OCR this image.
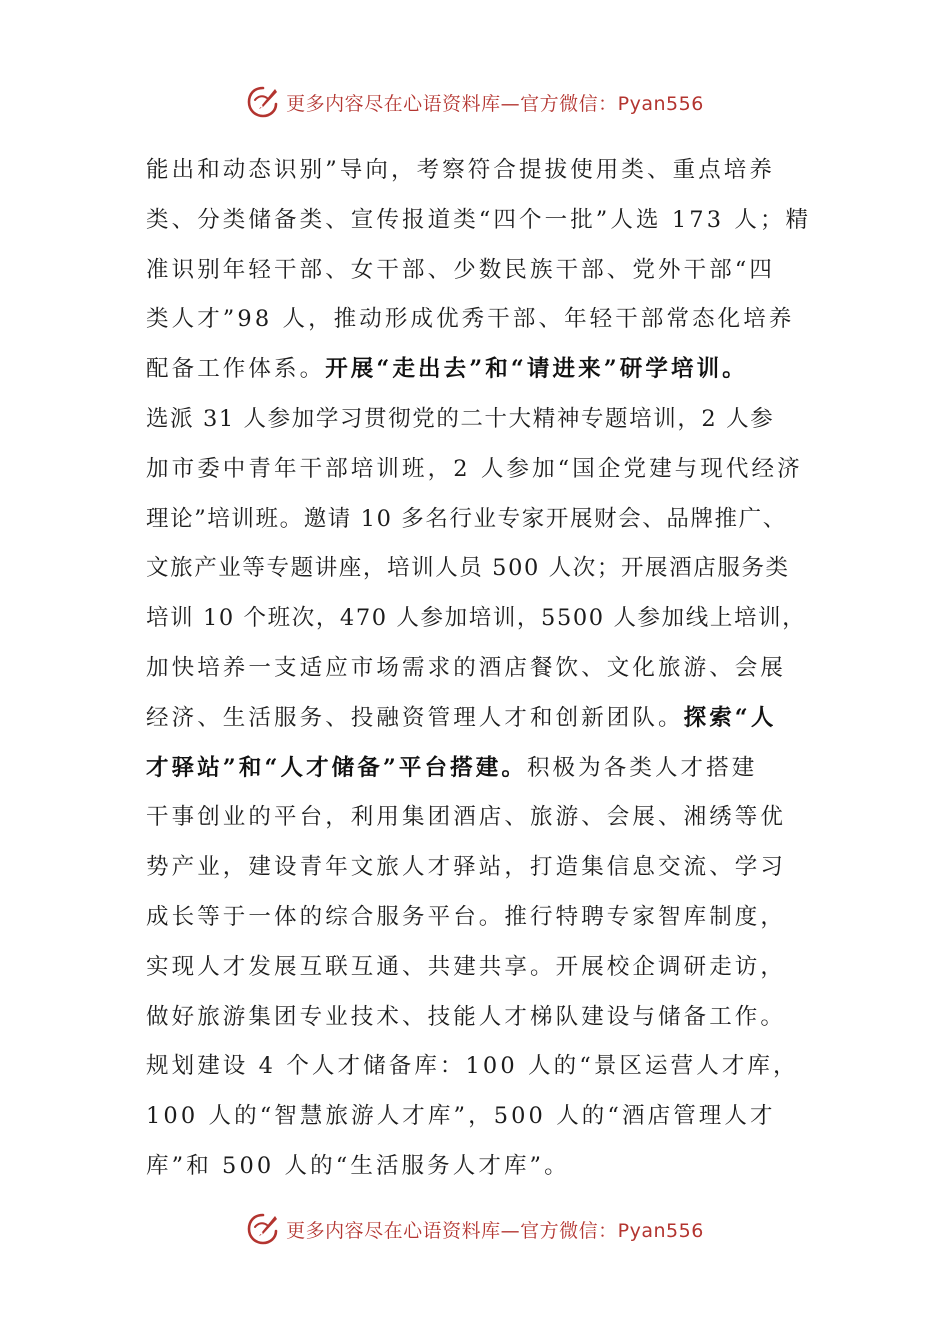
更多内容尽在心语资料库—官方微信：Pyan556
能出和动态识别”导向，考察符合提拔使用类、重点培养
类、分类储备类、宣传报道类“四个一批”人选 173 人；精
准识别年轻干部、女干部、少数民族干部、党外干部“四
类人才”98 人，推动形成优秀干部、年轻干部常态化培养
配备工作体系。开展“走出去”和“请进来”研学培训。
选派 31 人参加学习贯彻党的二十大精神专题培训，2 人参
加市委中青年干部培训班，2 人参加“国企党建与现代经济
理论”培训班。邀请 10 多名行业专家开展财会、品牌推广、
文旅产业等专题讲座，培训人员 500 人次；开展酒店服务类
培训 10 个班次，470 人参加培训，5500 人参加线上培训，
加快培养一支适应市场需求的酒店餐饮、文化旅游、会展
经济、生活服务、投融资管理人才和创新团队。探索“人
才驿站”和“人才储备”平台搭建。积极为各类人才搭建
干事创业的平台，利用集团酒店、旅游、会展、湘绣等优
势产业，建设青年文旅人才驿站，打造集信息交流、学习
成长等于一体的综合服务平台。推行特聘专家智库制度，
实现人才发展互联互通、共建共享。开展校企调研走访，
做好旅游集团专业技术、技能人才梯队建设与储备工作。
规划建设 4 个人才储备库：100 人的“景区运营人才库，
100 人的“智慧旅游人才库”，500 人的“酒店管理人才
库”和 500 人的“生活服务人才库”。
更多内容尽在心语资料库—官方微信：Pyan556
